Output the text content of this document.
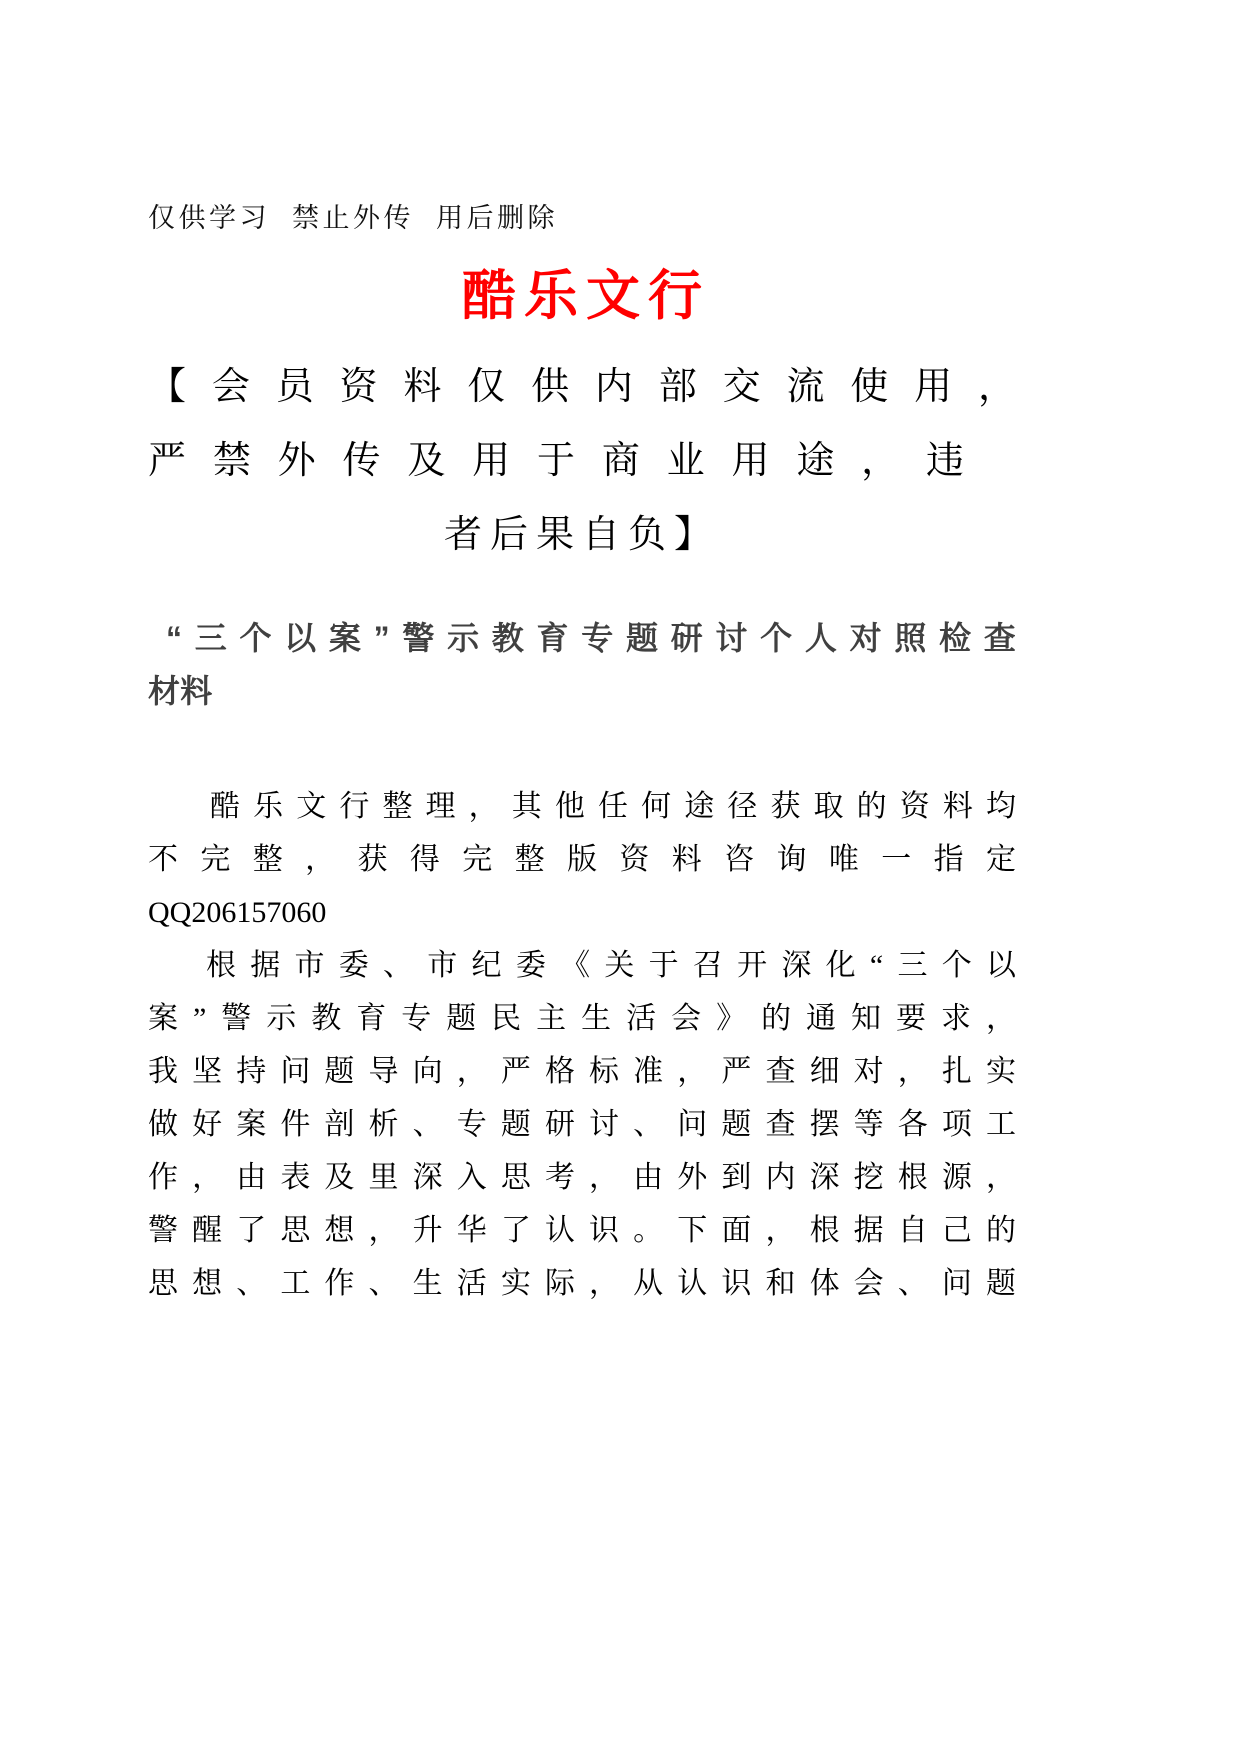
仅供学习  禁止外传  用后删除
酷乐文行
【会员资料仅供内部交流使用，
严禁外传及用于商业用途，违
者后果自负】
“三个以案”警示教育专题研讨个人对照检查
材料
酷乐文行整理，其他任何途径获取的资料均
不完整，获得完整版资料咨询唯一指定
QQ206157060
根据市委、市纪委《关于召开深化“三个以
案”警示教育专题民主生活会》的通知要求，
我坚持问题导向，严格标准，严查细对，扎实
做好案件剖析、专题研讨、问题查摆等各项工
作，由表及里深入思考，由外到内深挖根源，
警醒了思想，升华了认识。下面，根据自己的
思想、工作、生活实际，从认识和体会、问题
